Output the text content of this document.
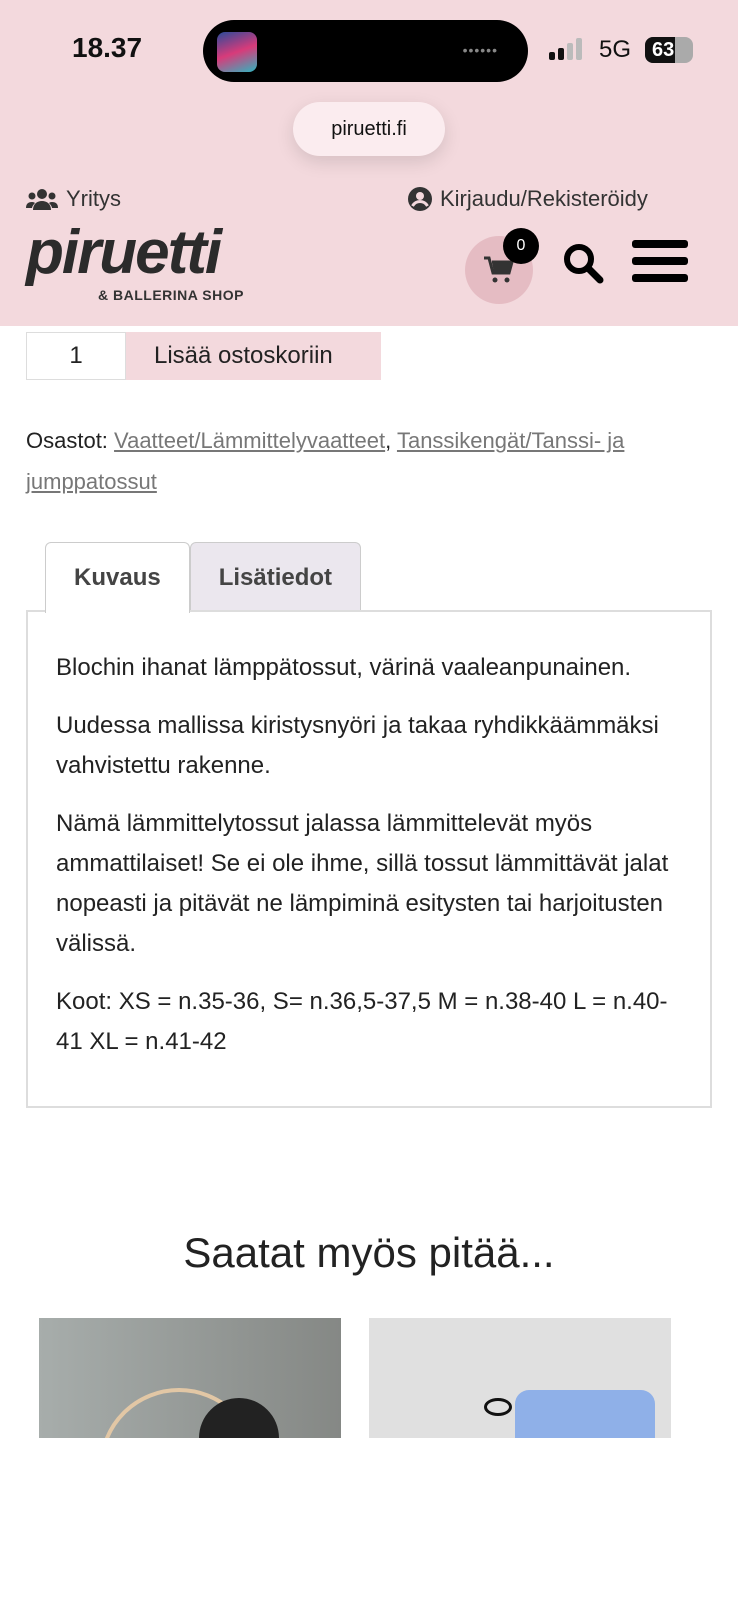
18.37	••••••	5G	63
piruetti.fi
Yritys	Kirjaudu/Rekisteröidy
piruetti
& BALLERINA SHOP
0
1	Lisää ostoskoriin
Osastot: Vaatteet/Lämmittelyvaatteet, Tanssikengät/Tanssi- ja jumppatossut
Kuvaus	Lisätiedot

Blochin ihanat lämppätossut, värinä vaaleanpunainen.

Uudessa mallissa kiristysnyöri ja takaa ryhdikkäämmäksi vahvistettu rakenne.

Nämä lämmittelytossut jalassa lämmittelevät myös ammattilaiset! Se ei ole ihme, sillä tossut lämmittävät jalat nopeasti ja pitävät ne lämpiminä esitysten tai harjoitusten välissä.

Koot: XS = n.35-36, S= n.36,5-37,5 M = n.38-40 L = n.40-41 XL = n.41-42

Saatat myös pitää...
